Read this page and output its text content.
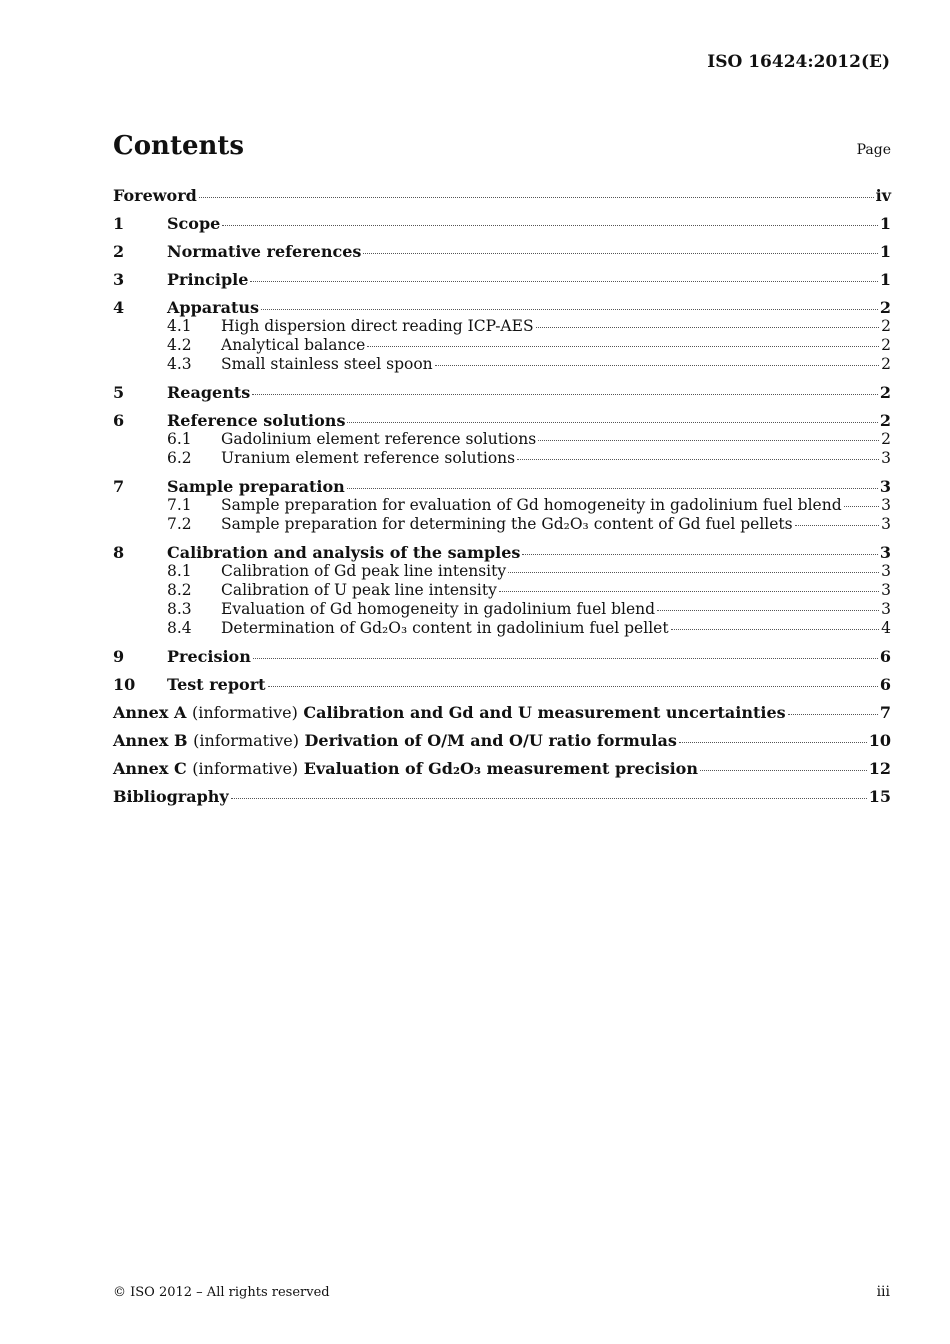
ISO 16424:2012(E)
Contents	Page
Foreword	iv
1	Scope	1
2	Normative references	1
3	Principle	1
4	Apparatus	2
4.1	High dispersion direct reading ICP-AES	2
4.2	Analytical balance	2
4.3	Small stainless steel spoon	2
5	Reagents	2
6	Reference solutions	2
6.1	Gadolinium element reference solutions	2
6.2	Uranium element reference solutions	3
7	Sample preparation	3
7.1	Sample preparation for evaluation of Gd homogeneity in gadolinium fuel blend	3
7.2	Sample preparation for determining the Gd₂O₃ content of Gd fuel pellets	3
8	Calibration and analysis of the samples	3
8.1	Calibration of Gd peak line intensity	3
8.2	Calibration of U peak line intensity	3
8.3	Evaluation of Gd homogeneity in gadolinium fuel blend	3
8.4	Determination of Gd₂O₃ content in gadolinium fuel pellet	4
9	Precision	6
10	Test report	6
Annex A (informative) Calibration and Gd and U measurement uncertainties	7
Annex B (informative) Derivation of O/M and O/U ratio formulas	10
Annex C (informative) Evaluation of Gd₂O₃ measurement precision	12
Bibliography	15
© ISO 2012 – All rights reserved	iii
